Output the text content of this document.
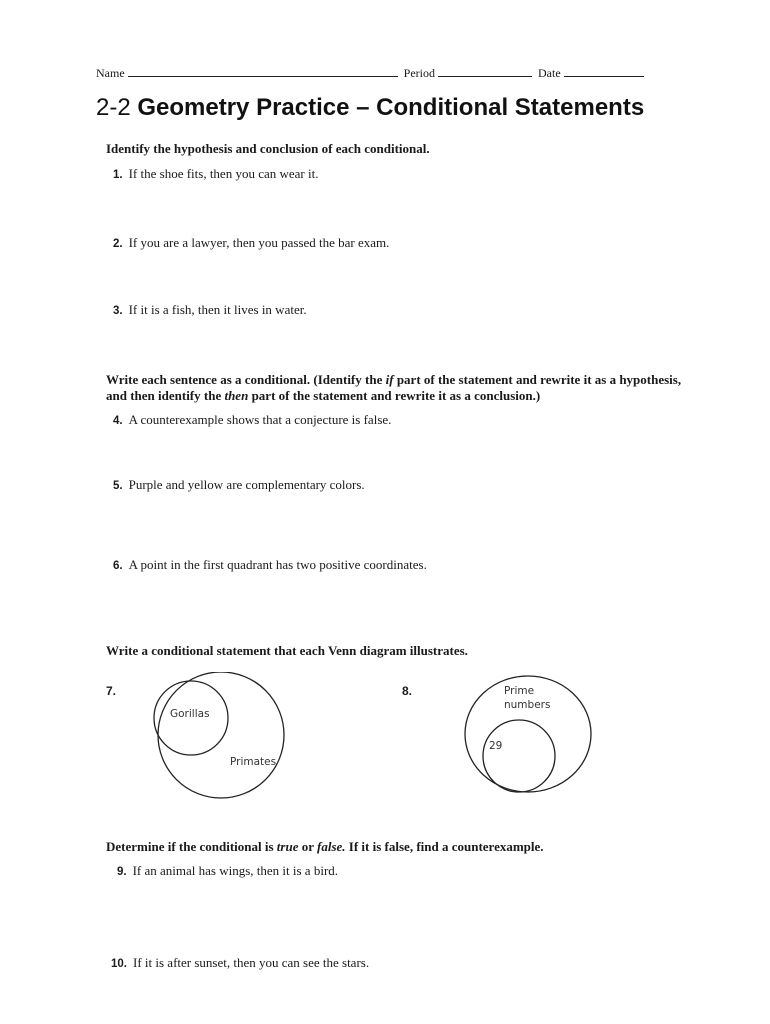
Name	Period	Date
2-2 Geometry Practice – Conditional Statements
Identify the hypothesis and conclusion of each conditional.
1. If the shoe fits, then you can wear it.
2. If you are a lawyer, then you passed the bar exam.
3. If it is a fish, then it lives in water.
Write each sentence as a conditional. (Identify the if part of the statement and rewrite it as a hypothesis, and then identify the then part of the statement and rewrite it as a conclusion.)
4. A counterexample shows that a conjecture is false.
5. Purple and yellow are complementary colors.
6. A point in the first quadrant has two positive coordinates.
Write a conditional statement that each Venn diagram illustrates.
7.
Gorillas
Primates
8.	Prime
numbers
29
Determine if the conditional is true or false. If it is false, find a counterexample.
9. If an animal has wings, then it is a bird.
10. If it is after sunset, then you can see the stars.
